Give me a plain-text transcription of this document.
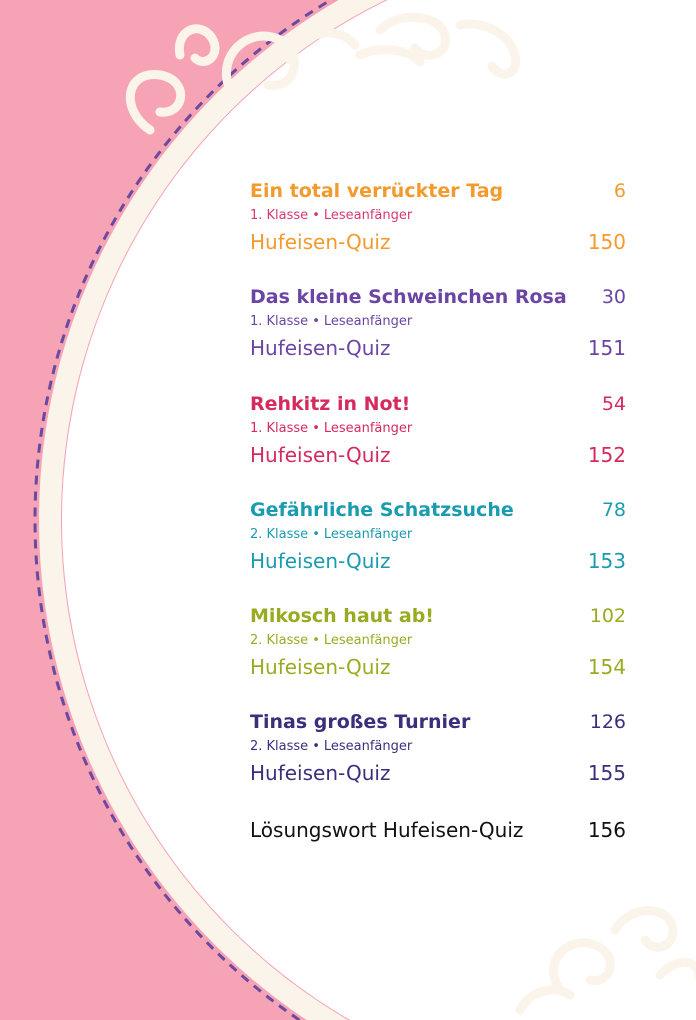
Ein total verrückter Tag	6
1. Klasse • Leseanfänger
Hufeisen-Quiz	150
Das kleine Schweinchen Rosa 30
1. Klasse • Leseanfänger
Hufeisen-Quiz	151
Rehkitz in Not!	54
1. Klasse • Leseanfänger
Hufeisen-Quiz	152
Gefährliche Schatzsuche	78
2. Klasse • Leseanfänger
Hufeisen-Quiz	153
Mikosch haut ab!	102
2. Klasse • Leseanfänger
Hufeisen-Quiz	154
Tinas großes Turnier	126
2. Klasse • Leseanfänger
Hufeisen-Quiz	155
Lösungswort Hufeisen-Quiz	156
